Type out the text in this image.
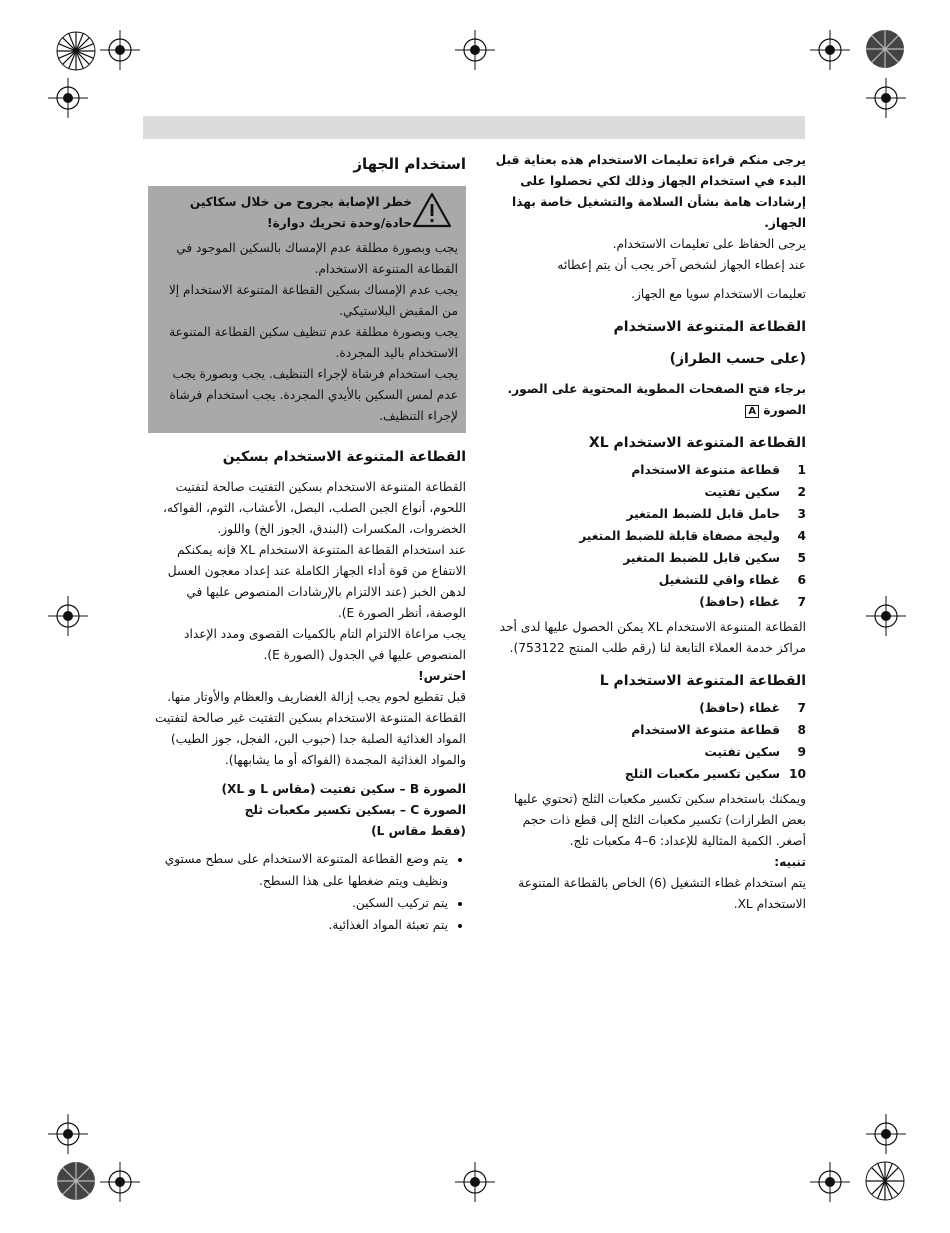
يرجى منكم قراءة تعليمات الاستخدام هذه بعناية قبل البدء في استخدام الجهاز وذلك لكي تحصلوا على إرشادات هامة بشأن السلامة والتشغيل خاصة بهذا الجهاز.

يرجى الحفاظ على تعليمات الاستخدام.

عند إعطاء الجهاز لشخص آخر يجب أن يتم إعطائه

تعليمات الاستخدام سويا مع الجهاز.

القطاعة المتنوعة الاستخدام

(على حسب الطراز)

برجاء فتح الصفحات المطوية المحتوية على الصور.

الصورة A

القطاعة المتنوعة الاستخدام XL

1
قطاعة متنوعة الاستخدام
2
سكين تفتيت
3
حامل قابل للضبط المتغير
4
وليجة مصفاة قابلة للضبط المتغير
5
سكين قابل للضبط المتغير
6
غطاء واقي للتشغيل
7
غطاء (حافظ)

القطاعة المتنوعة الاستخدام XL يمكن الحصول عليها لدى أحد مراكز خدمة العملاء التابعة لنا (رقم طلب المنتج 753122).

القطاعة المتنوعة الاستخدام L

7
غطاء (حافظ)
8
قطاعة متنوعة الاستخدام
9
سكين تفتيت
10
سكين تكسير مكعبات الثلج

ويمكنك باستخدام سكين تكسير مكعبات الثلج (تحتوي عليها بعض الطرازات) تكسير مكعبات الثلج إلى قطع ذات حجم أصغر. الكمية المثالية للإعداد: 6–4 مكعبات ثلج.

تنبيه:

يتم استخدام غطاء التشغيل (6) الخاص بالقطاعة المتنوعة الاستخدام XL.

استخدام الجهاز

خطر الإصابة بجروح من خلال سكاكين حادة/وحدة تحريك دوارة!

يجب وبصورة مطلقة عدم الإمساك بالسكين الموجود في القطاعة المتنوعة الاستخدام.

يجب عدم الإمساك بسكين القطاعة المتنوعة الاستخدام إلا من المقبض البلاستيكي.

يجب وبصورة مطلقة عدم تنظيف سكين القطاعة المتنوعة الاستخدام باليد المجردة.

يجب استخدام فرشاة لإجراء التنظيف. يجب وبصورة يجب عدم لمس السكين بالأيدي المجردة. يجب استخدام فرشاة لإجراء التنظيف.

القطاعة المتنوعة الاستخدام بسكين

القطاعة المتنوعة الاستخدام بسكين التفتيت صالحة لتفتيت اللحوم، أنواع الجبن الصلب، البصل، الأعشاب، الثوم، الفواكه، الخضروات، المكسرات (البندق، الجوز الخ) واللوز.

عند استخدام القطاعة المتنوعة الاستخدام XL فإنه يمكنكم الانتفاع من قوة أداء الجهاز الكاملة عند إعداد معجون العسل لدهن الخبز (عند الالتزام بالإرشادات المنصوص عليها في الوصفة، أنظر الصورة E).

يجب مراعاة الالتزام التام بالكميات القصوى ومدد الإعداد المنصوص عليها في الجدول (الصورة E).

احترس!

قبل تقطيع لحوم يجب إزالة الغضاريف والعظام والأوتار منها.

القطاعة المتنوعة الاستخدام بسكين التفتيت غير صالحة لتفتيت المواد الغذائية الصلبة جدا (حبوب البن، الفجل، جوز الطيب) والمواد الغذائية المجمدة (الفواكه أو ما يشابهها).

الصورة B – سكين تفتيت (مقاس L و XL)

الصورة C – بسكين تكسير مكعبات ثلج

(فقط مقاس L)

• يتم وضع القطاعة المتنوعة الاستخدام على سطح مستوي ونظيف ويتم ضغطها على هذا السطح.
• يتم تركيب السكين.
• يتم تعبئة المواد الغذائية.
